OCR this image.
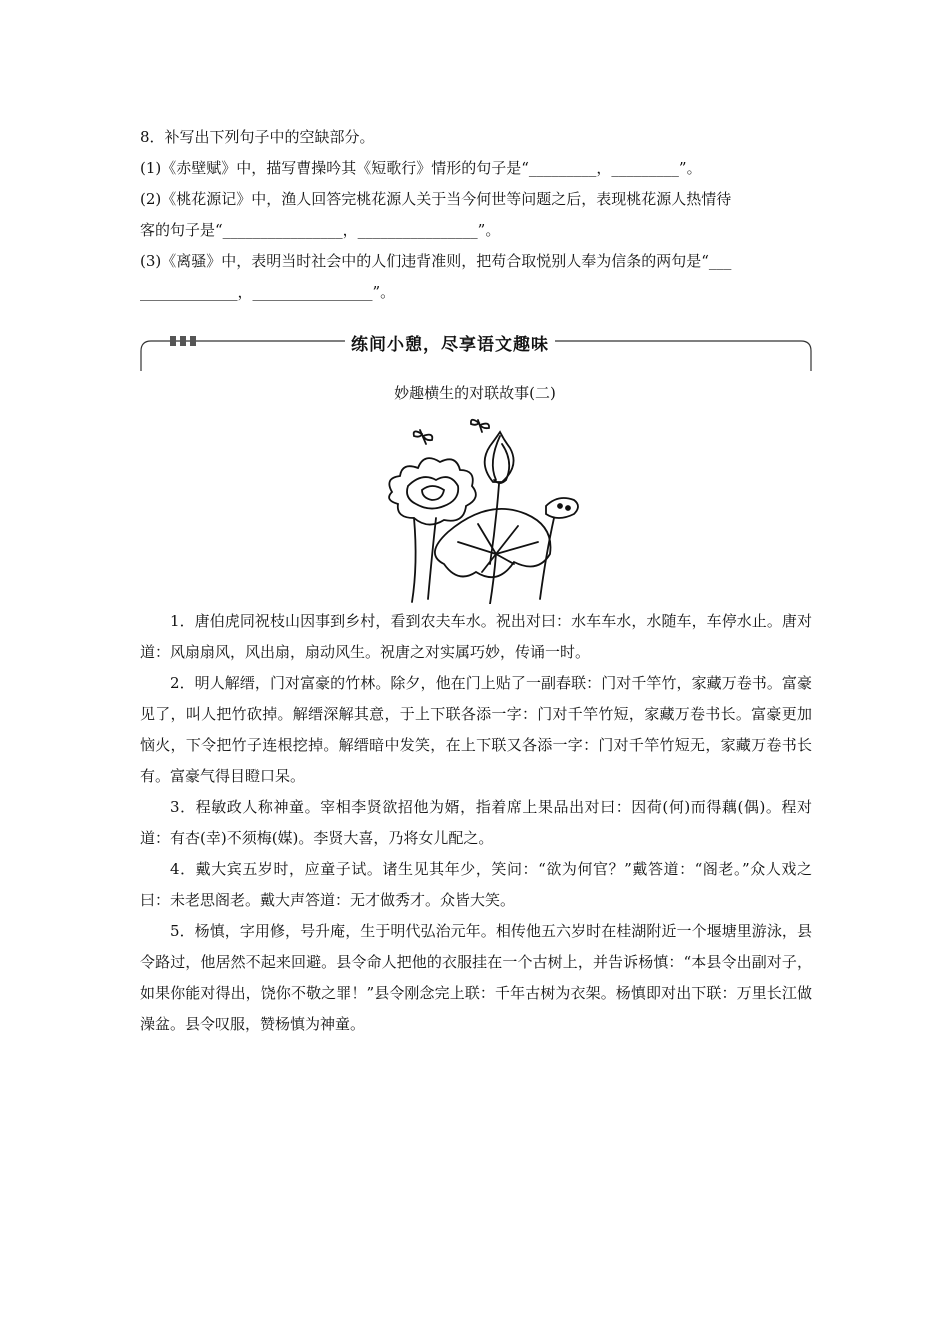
8．补写出下列句子中的空缺部分。
(1)《赤壁赋》中，描写曹操吟其《短歌行》情形的句子是“_________，_________”。
(2)《桃花源记》中，渔人回答完桃花源人关于当今何世等问题之后，表现桃花源人热情待
客的句子是“________________，________________”。
(3)《离骚》中，表明当时社会中的人们违背准则，把苟合取悦别人奉为信条的两句是“___
_____________，________________”。
练间小憩，尽享语文趣味
妙趣横生的对联故事(二)

1．唐伯虎同祝枝山因事到乡村，看到农夫车水。祝出对曰：水车车水，水随车，车停水止。唐对道：风扇扇风，风出扇，扇动风生。祝唐之对实属巧妙，传诵一时。

2．明人解缙，门对富豪的竹林。除夕，他在门上贴了一副春联：门对千竿竹，家藏万卷书。富豪见了，叫人把竹砍掉。解缙深解其意，于上下联各添一字：门对千竿竹短，家藏万卷书长。富豪更加恼火，下令把竹子连根挖掉。解缙暗中发笑，在上下联又各添一字：门对千竿竹短无，家藏万卷书长有。富豪气得目瞪口呆。

3．程敏政人称神童。宰相李贤欲招他为婿，指着席上果品出对曰：因荷(何)而得藕(偶)。程对道：有杏(幸)不须梅(媒)。李贤大喜，乃将女儿配之。

4．戴大宾五岁时，应童子试。诸生见其年少，笑问：“欲为何官？”戴答道：“阁老。”众人戏之曰：未老思阁老。戴大声答道：无才做秀才。众皆大笑。

5．杨慎，字用修，号升庵，生于明代弘治元年。相传他五六岁时在桂湖附近一个堰塘里游泳，县令路过，他居然不起来回避。县令命人把他的衣服挂在一个古树上，并告诉杨慎：“本县令出副对子，如果你能对得出，饶你不敬之罪！”县令刚念完上联：千年古树为衣架。杨慎即对出下联：万里长江做澡盆。县令叹服，赞杨慎为神童。
